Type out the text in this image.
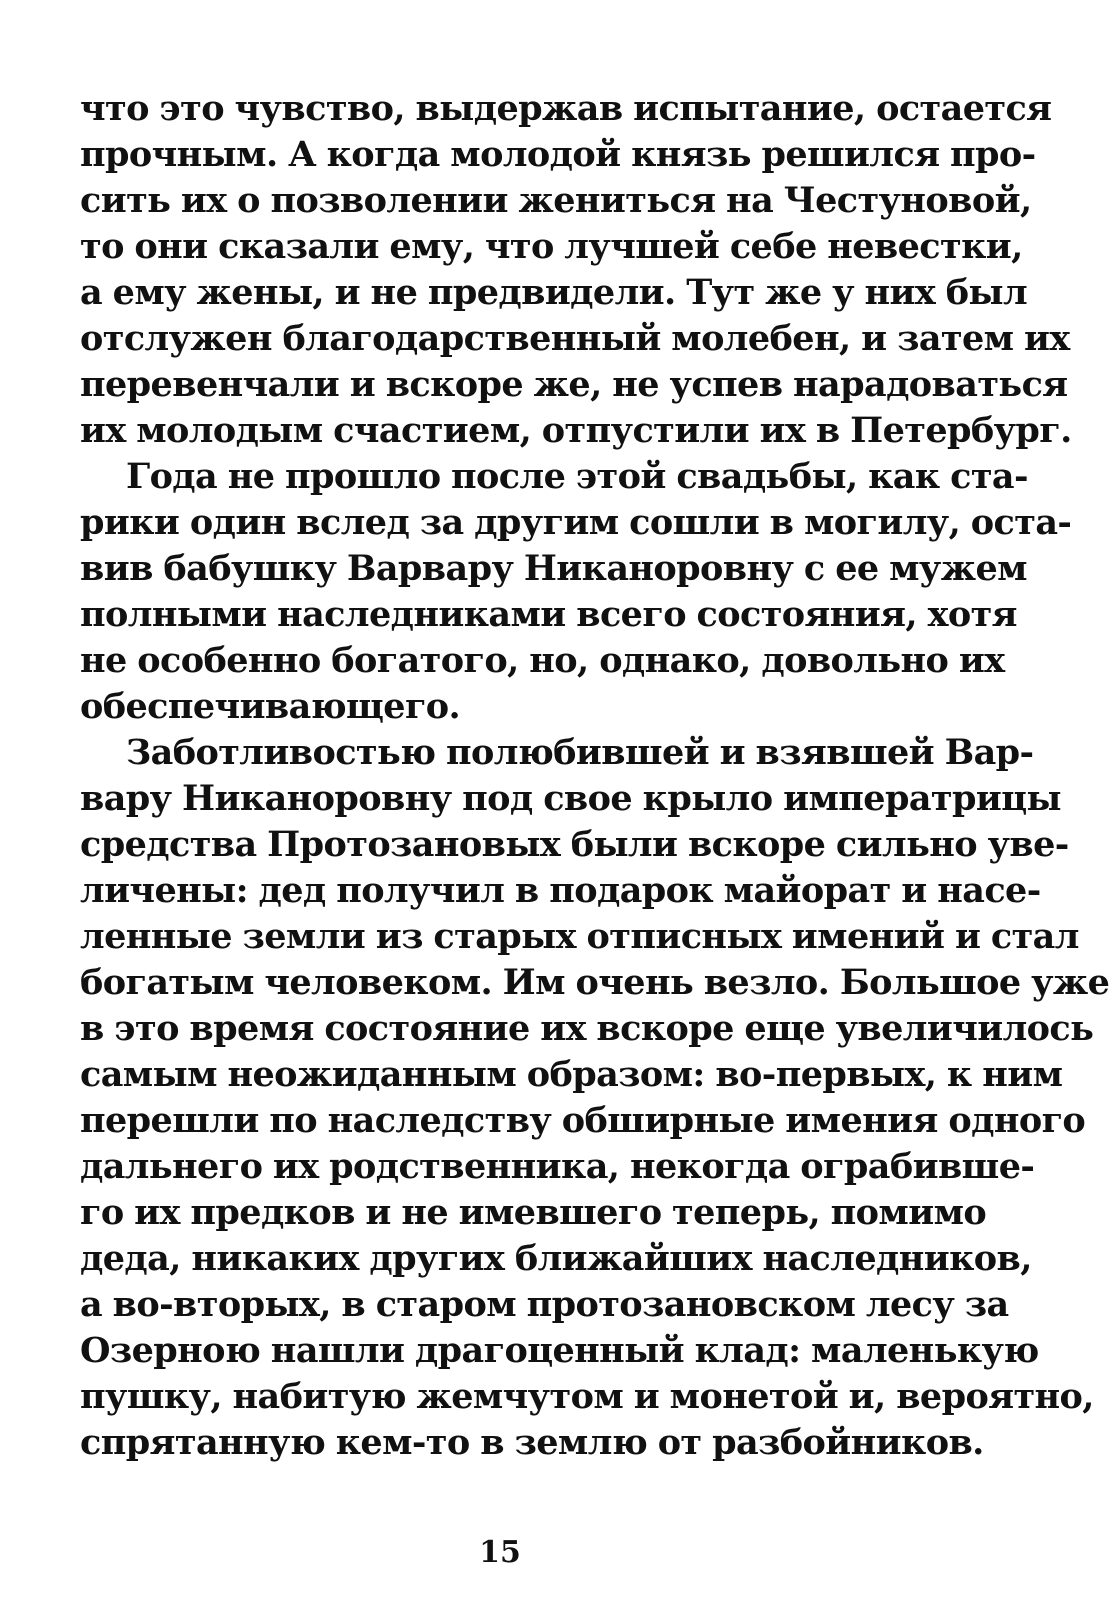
что это чувство, выдержав испытание, остается
прочным. А когда молодой князь решился про-
сить их о позволении жениться на Честуновой,
то они сказали ему, что лучшей себе невестки,
а ему жены, и не предвидели. Тут же у них был
отслужен благодарственный молебен, и затем их
перевенчали и вскоре же, не успев нарадоваться
их молодым счастием, отпустили их в Петербург.
Года не прошло после этой свадьбы, как ста-
рики один вслед за другим сошли в могилу, оста-
вив бабушку Варвару Никаноровну с ее мужем
полными наследниками всего состояния, хотя
не особенно богатого, но, однако, довольно их
обеспечивающего.
Заботливостью полюбившей и взявшей Вар-
вару Никаноровну под свое крыло императрицы
средства Протозановых были вскоре сильно уве-
личены: дед получил в подарок майорат и насе-
ленные земли из старых отписных имений и стал
богатым человеком. Им очень везло. Большое уже
в это время состояние их вскоре еще увеличилось
самым неожиданным образом: во-первых, к ним
перешли по наследству обширные имения одного
дальнего их родственника, некогда ограбивше-
го их предков и не имевшего теперь, помимо
деда, никаких других ближайших наследников,
а во-вторых, в старом протозановском лесу за
Озерною нашли драгоценный клад: маленькую
пушку, набитую жемчутом и монетой и, вероятно,
спрятанную кем-то в землю от разбойников.
15
